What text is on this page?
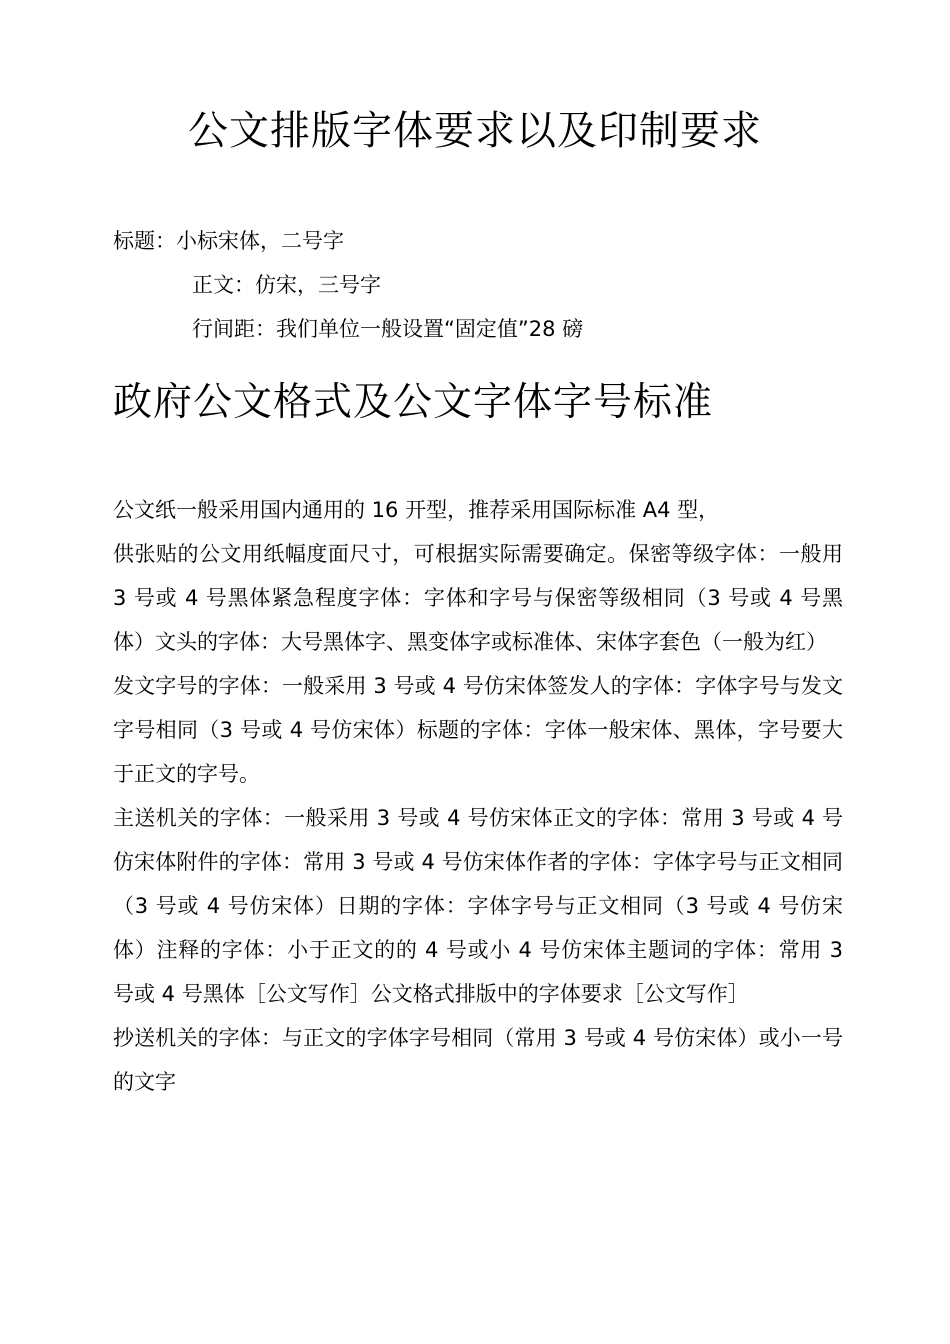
公文排版字体要求以及印制要求

标题：小标宋体，二号字

正文：仿宋，三号字

行间距：我们单位一般设置“固定值”28 磅

政府公文格式及公文字体字号标准

公文纸一般采用国内通用的 16 开型，推荐采用国际标准 A4 型，

供张贴的公文用纸幅度面尺寸，可根据实际需要确定。保密等级字体：一般用 3 号或 4 号黑体紧急程度字体：字体和字号与保密等级相同（3 号或 4 号黑体）文头的字体：大号黑体字、黑变体字或标准体、宋体字套色（一般为红）

发文字号的字体：一般采用 3 号或 4 号仿宋体签发人的字体：字体字号与发文字号相同（3 号或 4 号仿宋体）标题的字体：字体一般宋体、黑体，字号要大于正文的字号。

主送机关的字体：一般采用 3 号或 4 号仿宋体正文的字体：常用 3 号或 4 号仿宋体附件的字体：常用 3 号或 4 号仿宋体作者的字体：字体字号与正文相同（3 号或 4 号仿宋体）日期的字体：字体字号与正文相同（3 号或 4 号仿宋体）注释的字体：小于正文的的 4 号或小 4 号仿宋体主题词的字体：常用 3 号或 4 号黑体［公文写作］公文格式排版中的字体要求［公文写作］

抄送机关的字体：与正文的字体字号相同（常用 3 号或 4 号仿宋体）或小一号的文字
